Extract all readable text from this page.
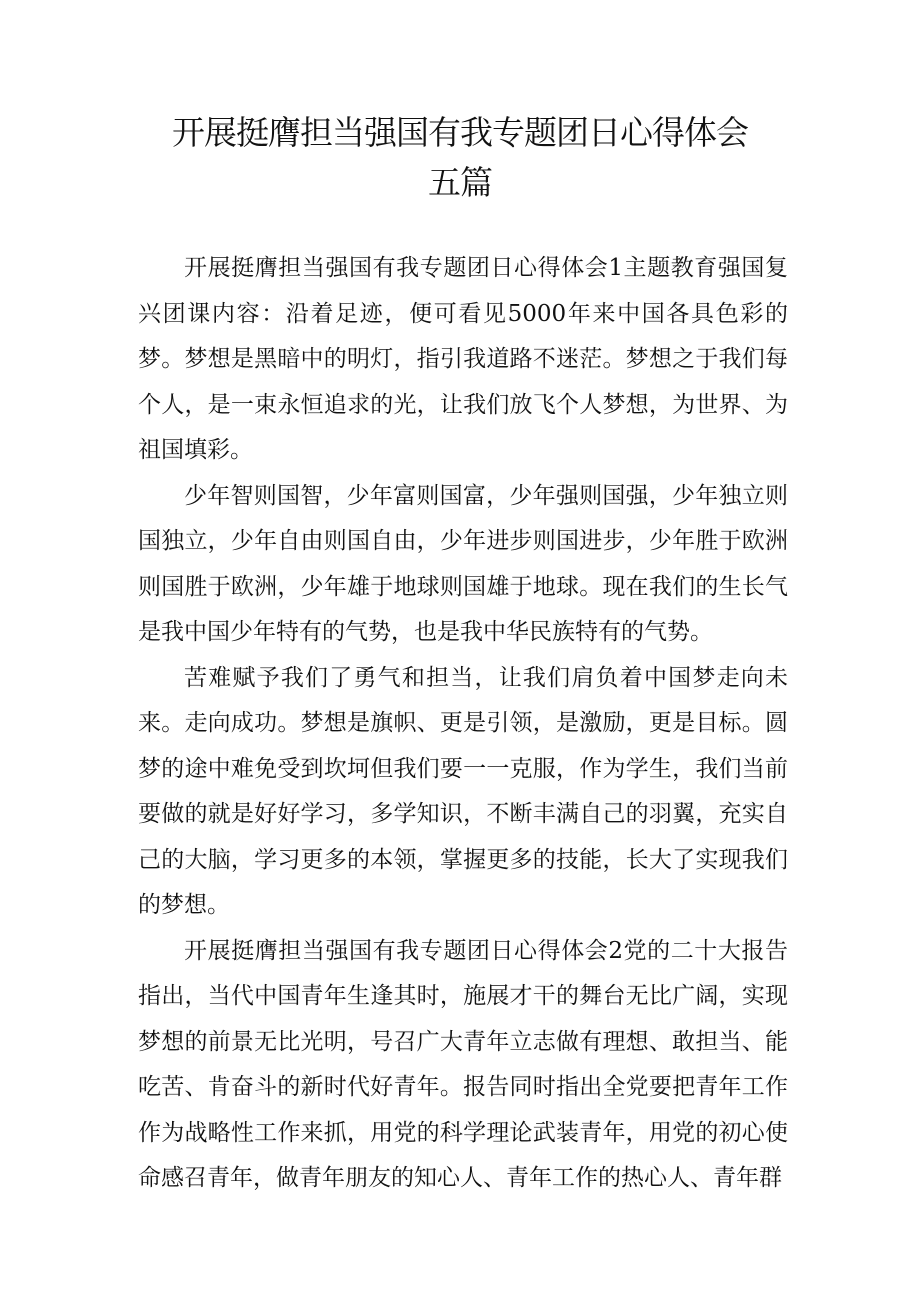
开展挺膺担当强国有我专题团日心得体会
五篇

开展挺膺担当强国有我专题团日心得体会1主题教育强国复兴团课内容：沿着足迹，便可看见5000年来中国各具色彩的梦。梦想是黑暗中的明灯，指引我道路不迷茫。梦想之于我们每个人，是一束永恒追求的光，让我们放飞个人梦想，为世界、为祖国填彩。

少年智则国智，少年富则国富，少年强则国强，少年独立则国独立，少年自由则国自由，少年进步则国进步，少年胜于欧洲则国胜于欧洲，少年雄于地球则国雄于地球。现在我们的生长气是我中国少年特有的气势，也是我中华民族特有的气势。

苦难赋予我们了勇气和担当，让我们肩负着中国梦走向未来。走向成功。梦想是旗帜、更是引领，是激励，更是目标。圆梦的途中难免受到坎坷但我们要一一克服，作为学生，我们当前要做的就是好好学习，多学知识，不断丰满自己的羽翼，充实自己的大脑，学习更多的本领，掌握更多的技能，长大了实现我们的梦想。

开展挺膺担当强国有我专题团日心得体会2党的二十大报告指出，当代中国青年生逢其时，施展才干的舞台无比广阔，实现梦想的前景无比光明，号召广大青年立志做有理想、敢担当、能吃苦、肯奋斗的新时代好青年。报告同时指出全党要把青年工作作为战略性工作来抓，用党的科学理论武装青年，用党的初心使命感召青年，做青年朋友的知心人、青年工作的热心人、青年群
